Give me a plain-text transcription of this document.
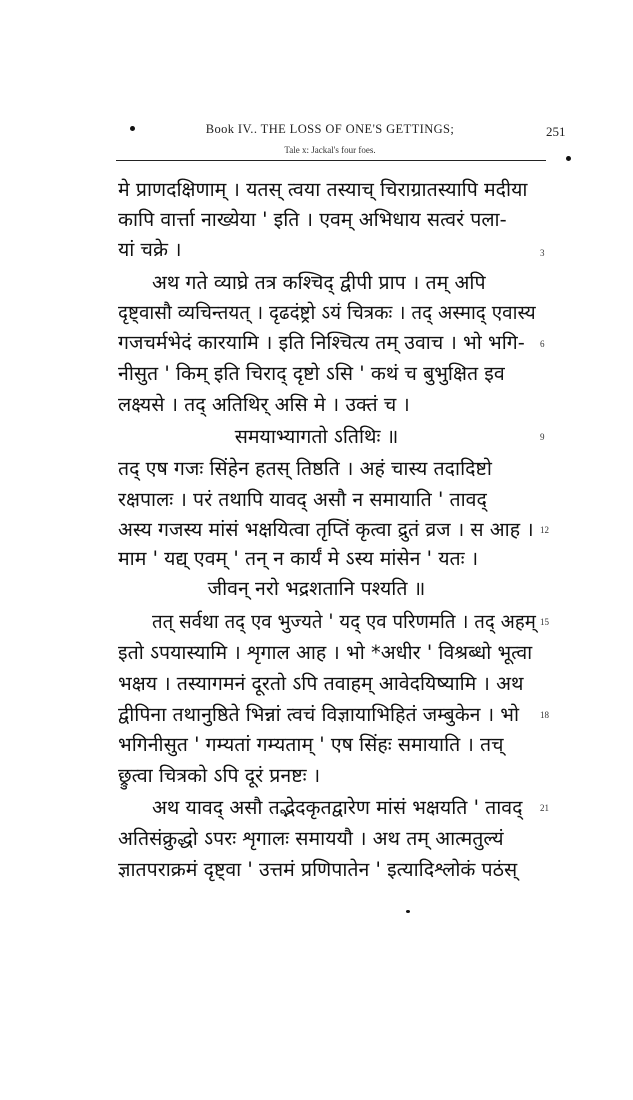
Book IV.. THE LOSS OF ONE'S GETTINGS;
Tale x: Jackal's four foes.
251
मे प्राणदक्षिणाम् । यतस् त्वया तस्याच् चिराग्रातस्यापि मदीया
कापि वार्त्ता नाख्येया ' इति । एवम् अभिधाय सत्वरं पला-
यां चक्रे ।	3
अथ गते व्याघ्रे तत्र कश्चिद् द्वीपी प्राप । तम् अपि
दृष्ट्वासौ व्यचिन्तयत् । दृढदंष्ट्रो ऽयं चित्रकः । तद् अस्माद् एवास्य
गजचर्मभेदं कारयामि । इति निश्चित्य तम् उवाच । भो भगि- 6
नीसुत ' किम् इति चिराद् दृष्टो ऽसि ' कथं च बुभुक्षित इव
लक्ष्यसे । तद् अतिथिर् असि मे । उक्तं च ।
समयाभ्यागतो ऽतिथिः ॥	9
तद् एष गजः सिंहेन हतस् तिष्ठति । अहं चास्य तदादिष्टो
रक्षपालः । परं तथापि यावद् असौ न समायाति ' तावद्
अस्य गजस्य मांसं भक्षयित्वा तृप्तिं कृत्वा द्रुतं व्रज । स आह । 12
माम ' यद्य् एवम् ' तन् न कार्यं मे ऽस्य मांसेन ' यतः ।
जीवन् नरो भद्रशतानि पश्यति ॥
तत् सर्वथा तद् एव भुज्यते ' यद् एव परिणमति । तद् अहम् 15
इतो ऽपयास्यामि । शृगाल आह । भो *अधीर ' विश्रब्धो भूत्वा
भक्षय । तस्यागमनं दूरतो ऽपि तवाहम् आवेदयिष्यामि । अथ
द्वीपिना तथानुष्ठिते भिन्नां त्वचं विज्ञायाभिहितं जम्बुकेन । भो 18
भगिनीसुत ' गम्यतां गम्यताम् ' एष सिंहः समायाति । तच्
छ्रुत्वा चित्रको ऽपि दूरं प्रनष्टः ।
अथ यावद् असौ तद्भेदकृतद्वारेण मांसं भक्षयति ' तावद् 21
अतिसंक्रुद्धो ऽपरः शृगालः समाययौ । अथ तम् आत्मतुल्यं
ज्ञातपराक्रमं दृष्ट्वा ' उत्तमं प्रणिपातेन ' इत्यादिश्लोकं पठंस्
